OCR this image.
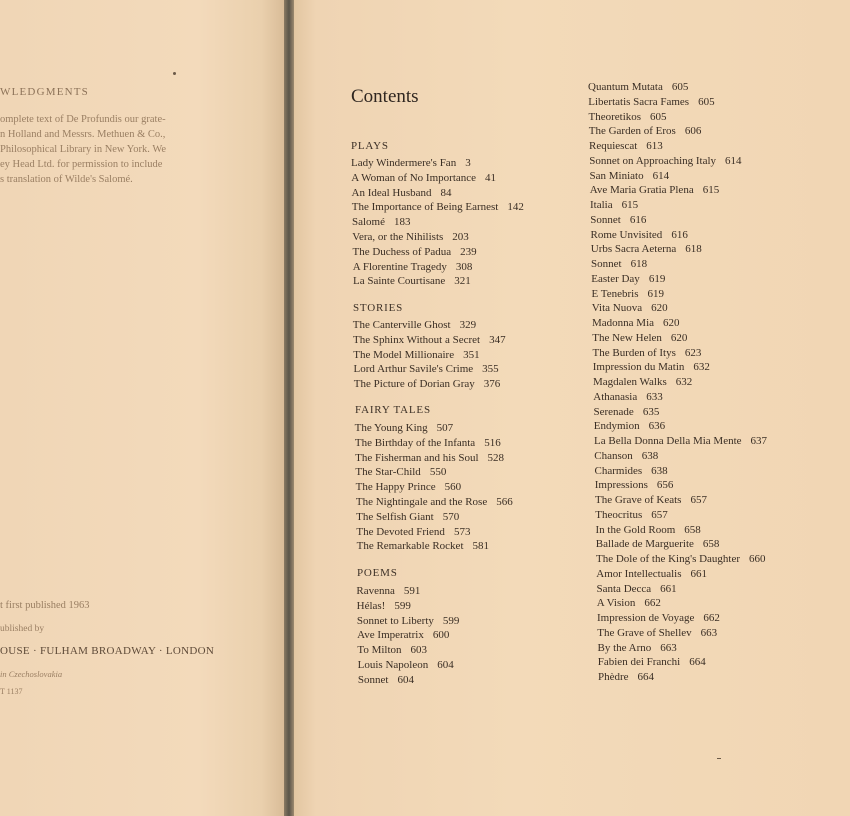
WLEDGMENTS
omplete text of De Profundis our grate-
n Holland and Messrs. Methuen & Co.,
Philosophical Library in New York. We
ey Head Ltd. for permission to include
s translation of Wilde's Salomé.
t first published 1963
ublished by
OUSE · FULHAM BROADWAY · LONDON
in Czechoslovakia
T 1137
Contents
PLAYS
Lady Windermere's Fan 3
A Woman of No Importance 41
An Ideal Husband 84
The Importance of Being Earnest 142
Salomé 183
Vera, or the Nihilists 203
The Duchess of Padua 239
A Florentine Tragedy 308
La Sainte Courtisane 321
STORIES
The Canterville Ghost 329
The Sphinx Without a Secret 347
The Model Millionaire 351
Lord Arthur Savile's Crime 355
The Picture of Dorian Gray 376
FAIRY TALES
The Young King 507
The Birthday of the Infanta 516
The Fisherman and his Soul 528
The Star-Child 550
The Happy Prince 560
The Nightingale and the Rose 566
The Selfish Giant 570
The Devoted Friend 573
The Remarkable Rocket 581
POEMS
Ravenna 591
Hélas! 599
Sonnet to Liberty 599
Ave Imperatrix 600
To Milton 603
Louis Napoleon 604
Sonnet 604
Quantum Mutata 605
Libertatis Sacra Fames 605
Theoretikos 605
The Garden of Eros 606
Requiescat 613
Sonnet on Approaching Italy 614
San Miniato 614
Ave Maria Gratia Plena 615
Italia 615
Sonnet 616
Rome Unvisited 616
Urbs Sacra Aeterna 618
Sonnet 618
Easter Day 619
E Tenebris 619
Vita Nuova 620
Madonna Mia 620
The New Helen 620
The Burden of Itys 623
Impression du Matin 632
Magdalen Walks 632
Athanasia 633
Serenade 635
Endymion 636
La Bella Donna Della Mia Mente 637
Chanson 638
Charmides 638
Impressions 656
The Grave of Keats 657
Theocritus 657
In the Gold Room 658
Ballade de Marguerite 658
The Dole of the King's Daughter 660
Amor Intellectualis 661
Santa Decca 661
A Vision 662
Impression de Voyage 662
The Grave of Shellev 663
By the Arno 663
Fabien dei Franchi 664
Phèdre 664
